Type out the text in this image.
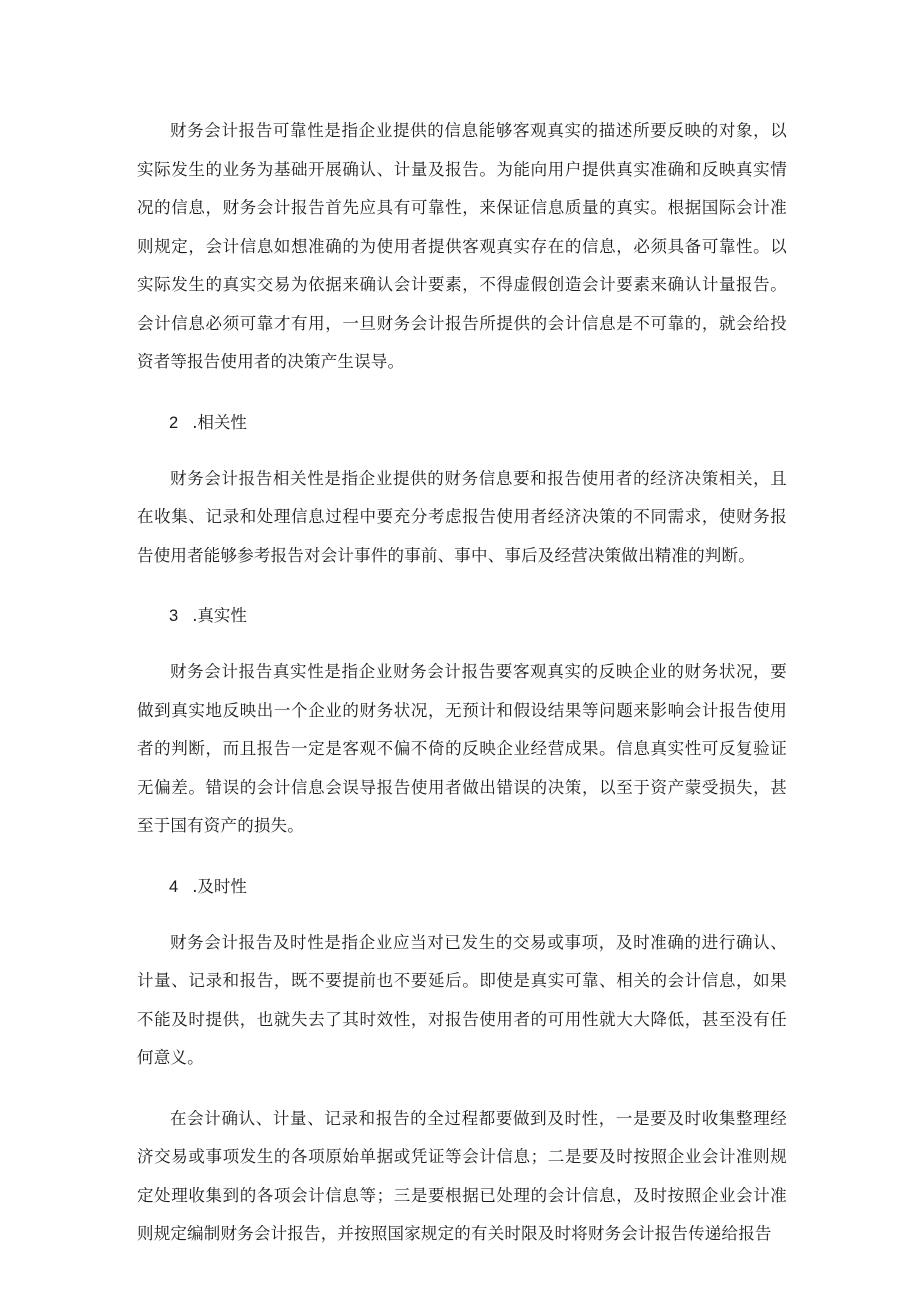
财务会计报告可靠性是指企业提供的信息能够客观真实的描述所要反映的对象，以实际发生的业务为基础开展确认、计量及报告。为能向用户提供真实准确和反映真实情况的信息，财务会计报告首先应具有可靠性，来保证信息质量的真实。根据国际会计准则规定，会计信息如想准确的为使用者提供客观真实存在的信息，必须具备可靠性。以实际发生的真实交易为依据来确认会计要素，不得虚假创造会计要素来确认计量报告。会计信息必须可靠才有用，一旦财务会计报告所提供的会计信息是不可靠的，就会给投资者等报告使用者的决策产生误导。

2 .相关性

财务会计报告相关性是指企业提供的财务信息要和报告使用者的经济决策相关，且在收集、记录和处理信息过程中要充分考虑报告使用者经济决策的不同需求，使财务报告使用者能够参考报告对会计事件的事前、事中、事后及经营决策做出精准的判断。

3 .真实性

财务会计报告真实性是指企业财务会计报告要客观真实的反映企业的财务状况，要做到真实地反映出一个企业的财务状况，无预计和假设结果等问题来影响会计报告使用者的判断，而且报告一定是客观不偏不倚的反映企业经营成果。信息真实性可反复验证无偏差。错误的会计信息会误导报告使用者做出错误的决策，以至于资产蒙受损失，甚至于国有资产的损失。

4 .及时性

财务会计报告及时性是指企业应当对已发生的交易或事项，及时准确的进行确认、计量、记录和报告，既不要提前也不要延后。即使是真实可靠、相关的会计信息，如果不能及时提供，也就失去了其时效性，对报告使用者的可用性就大大降低，甚至没有任何意义。

在会计确认、计量、记录和报告的全过程都要做到及时性，一是要及时收集整理经济交易或事项发生的各项原始单据或凭证等会计信息；二是要及时按照企业会计准则规定处理收集到的各项会计信息等；三是要根据已处理的会计信息，及时按照企业会计准则规定编制财务会计报告，并按照国家规定的有关时限及时将财务会计报告传递给报告
